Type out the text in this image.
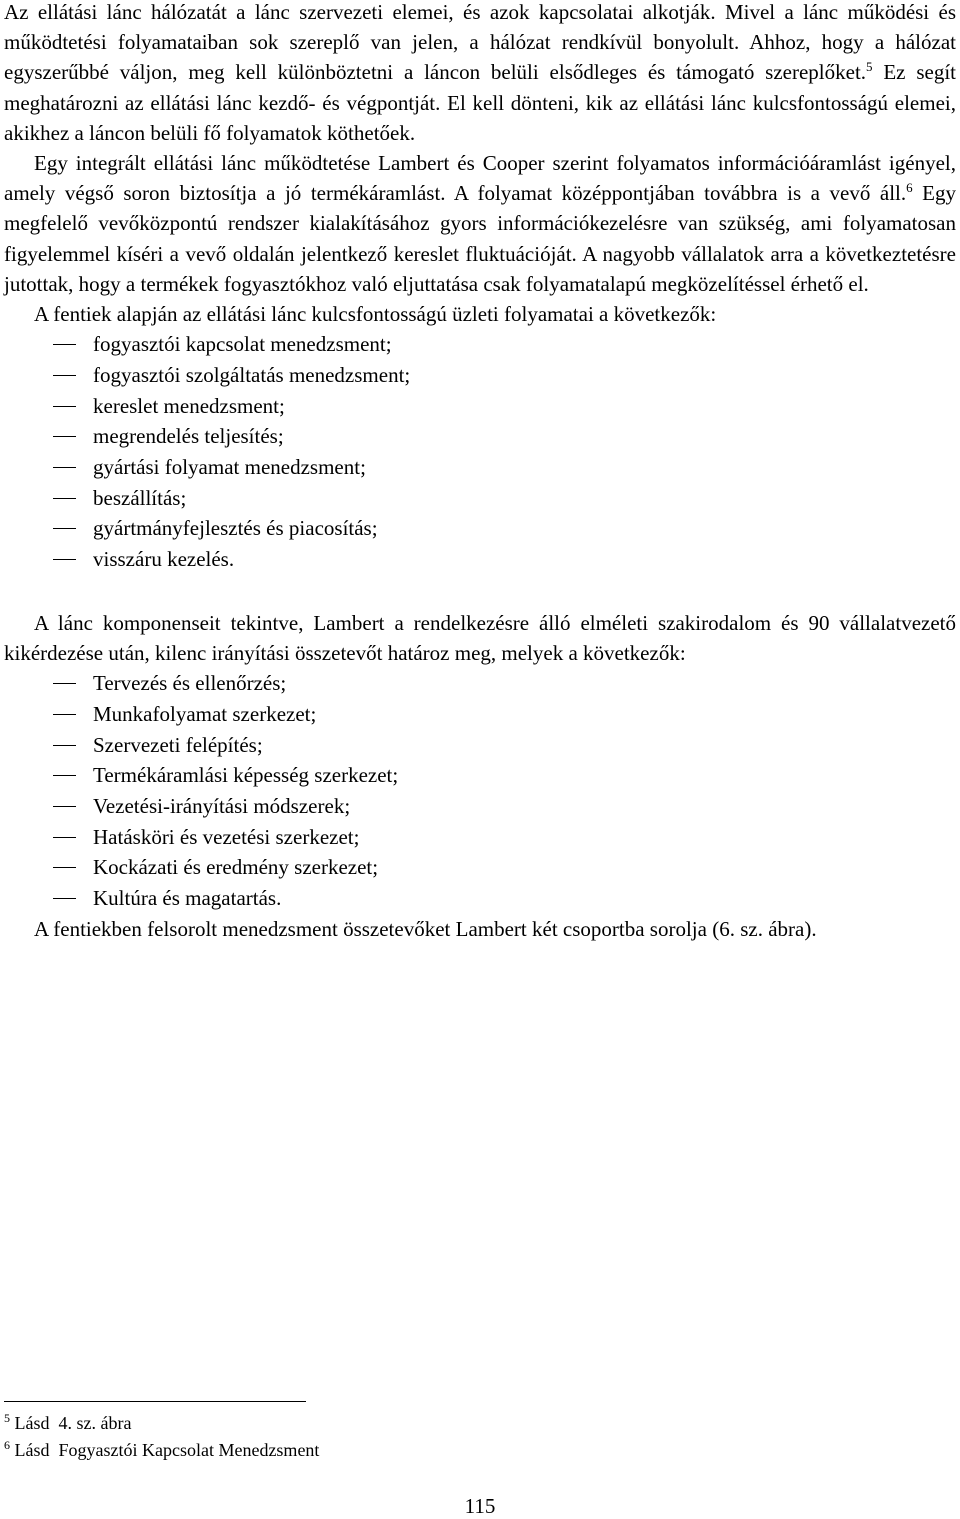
Az ellátási lánc hálózatát a lánc szervezeti elemei, és azok kapcsolatai alkotják. Mivel a lánc működési és működtetési folyamataiban sok szereplő van jelen, a hálózat rendkívül bonyolult. Ahhoz, hogy a hálózat egyszerűbbé váljon, meg kell különböztetni a láncon belüli elsődleges és támogató szereplőket.$^5$ Ez segít meghatározni az ellátási lánc kezdő- és végpontját. El kell dönteni, kik az ellátási lánc kulcsfontosságú elemei, akikhez a láncon belüli fő folyamatok köthetőek.

Egy integrált ellátási lánc működtetése Lambert és Cooper szerint folyamatos információáramlást igényel, amely végső soron biztosítja a jó termékáramlást. A folyamat középpontjában továbbra is a vevő áll.$^6$ Egy megfelelő vevőközpontú rendszer kialakításához gyors információkezelésre van szükség, ami folyamatosan figyelemmel kíséri a vevő oldalán jelentkező kereslet fluktuációját. A nagyobb vállalatok arra a következtetésre jutottak, hogy a termékek fogyasztókhoz való eljuttatása csak folyamatalapú megközelítéssel érhető el.

A fentiek alapján az ellátási lánc kulcsfontosságú üzleti folyamatai a következők:

fogyasztói kapcsolat menedzsment;
fogyasztói szolgáltatás menedzsment;
kereslet menedzsment;
megrendelés teljesítés;
gyártási folyamat menedzsment;
beszállítás;
gyártmányfejlesztés és piacosítás;
visszáru kezelés.

A lánc komponenseit tekintve, Lambert a rendelkezésre álló elméleti szakirodalom és 90 vállalatvezető kikérdezése után, kilenc irányítási összetevőt határoz meg, melyek a következők:

Tervezés és ellenőrzés;
Munkafolyamat szerkezet;
Szervezeti felépítés;
Termékáramlási képesség szerkezet;
Vezetési-irányítási módszerek;
Hatásköri és vezetési szerkezet;
Kockázati és eredmény szerkezet;
Kultúra és magatartás.

A fentiekben felsorolt menedzsment összetevőket Lambert két csoportba sorolja (6. sz. ábra).

$^5$ Lásd  4. sz. ábra
$^6$ Lásd  Fogyasztói Kapcsolat Menedzsment
115
